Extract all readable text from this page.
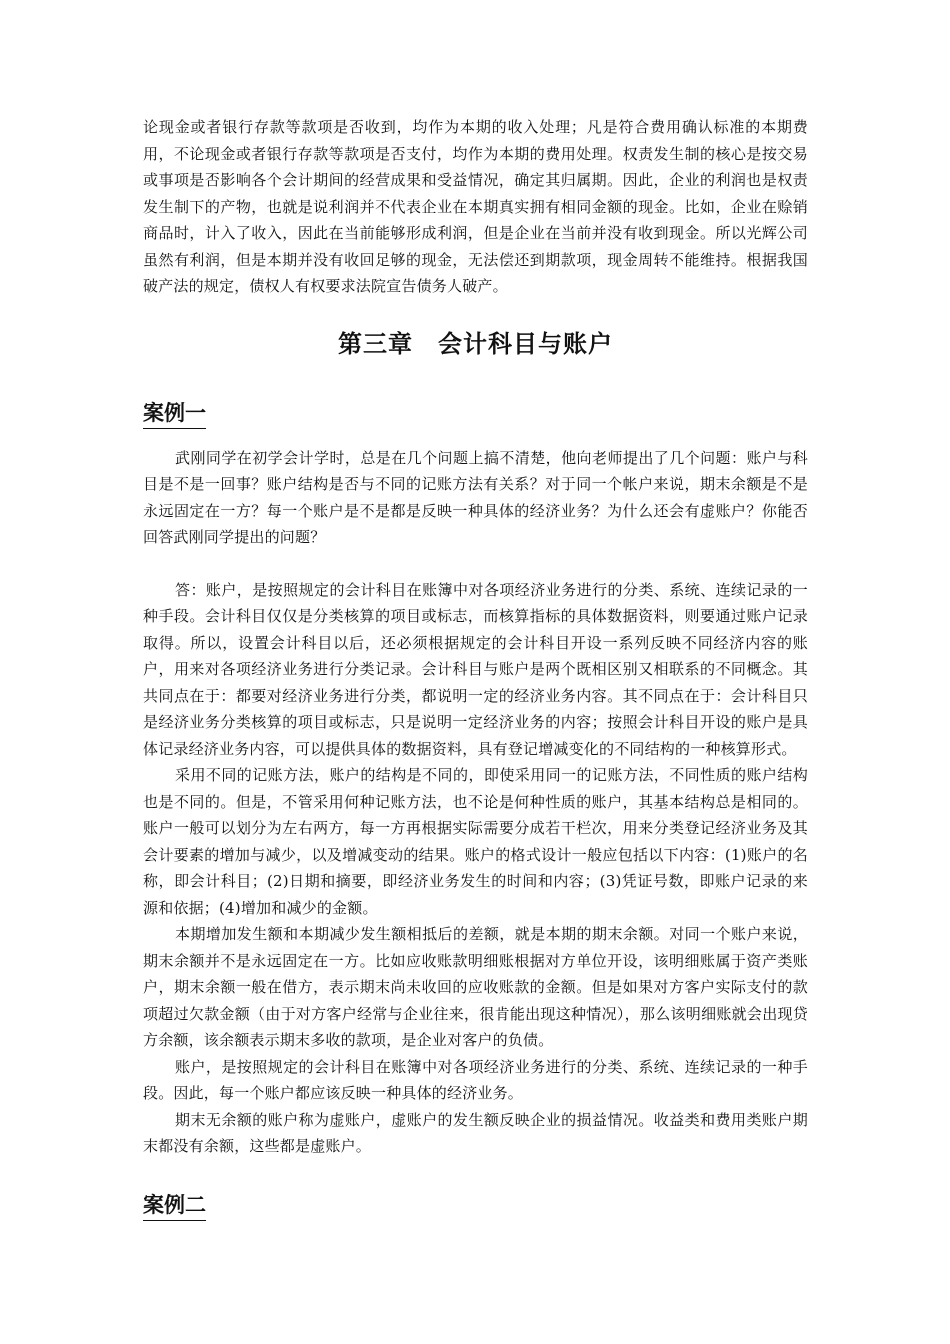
论现金或者银行存款等款项是否收到，均作为本期的收入处理；凡是符合费用确认标准的本期费用，不论现金或者银行存款等款项是否支付，均作为本期的费用处理。权责发生制的核心是按交易或事项是否影响各个会计期间的经营成果和受益情况，确定其归属期。因此，企业的利润也是权责发生制下的产物，也就是说利润并不代表企业在本期真实拥有相同金额的现金。比如，企业在赊销商品时，计入了收入，因此在当前能够形成利润，但是企业在当前并没有收到现金。所以光辉公司虽然有利润，但是本期并没有收回足够的现金，无法偿还到期款项，现金周转不能维持。根据我国破产法的规定，债权人有权要求法院宣告债务人破产。

第三章　会计科目与账户
案例一

武刚同学在初学会计学时，总是在几个问题上搞不清楚，他向老师提出了几个问题：账户与科目是不是一回事？账户结构是否与不同的记账方法有关系？对于同一个帐户来说，期末余额是不是永远固定在一方？每一个账户是不是都是反映一种具体的经济业务？为什么还会有虚账户？你能否回答武刚同学提出的问题？

答：账户，是按照规定的会计科目在账簿中对各项经济业务进行的分类、系统、连续记录的一种手段。会计科目仅仅是分类核算的项目或标志，而核算指标的具体数据资料，则要通过账户记录取得。所以，设置会计科目以后，还必须根据规定的会计科目开设一系列反映不同经济内容的账户，用来对各项经济业务进行分类记录。会计科目与账户是两个既相区别又相联系的不同概念。其共同点在于：都要对经济业务进行分类，都说明一定的经济业务内容。其不同点在于：会计科目只是经济业务分类核算的项目或标志，只是说明一定经济业务的内容；按照会计科目开设的账户是具体记录经济业务内容，可以提供具体的数据资料，具有登记增减变化的不同结构的一种核算形式。

采用不同的记账方法，账户的结构是不同的，即使采用同一的记账方法，不同性质的账户结构也是不同的。但是，不管采用何种记账方法，也不论是何种性质的账户，其基本结构总是相同的。账户一般可以划分为左右两方，每一方再根据实际需要分成若干栏次，用来分类登记经济业务及其会计要素的增加与减少，以及增减变动的结果。账户的格式设计一般应包括以下内容：(1)账户的名称，即会计科目；(2)日期和摘要，即经济业务发生的时间和内容；(3)凭证号数，即账户记录的来源和依据；(4)增加和减少的金额。

本期增加发生额和本期减少发生额相抵后的差额，就是本期的期末余额。对同一个账户来说，期末余额并不是永远固定在一方。比如应收账款明细账根据对方单位开设，该明细账属于资产类账户，期末余额一般在借方，表示期末尚未收回的应收账款的金额。但是如果对方客户实际支付的款项超过欠款金额（由于对方客户经常与企业往来，很肯能出现这种情况），那么该明细账就会出现贷方余额，该余额表示期末多收的款项，是企业对客户的负债。

账户，是按照规定的会计科目在账簿中对各项经济业务进行的分类、系统、连续记录的一种手段。因此，每一个账户都应该反映一种具体的经济业务。

期末无余额的账户称为虚账户，虚账户的发生额反映企业的损益情况。收益类和费用类账户期末都没有余额，这些都是虚账户。

案例二
